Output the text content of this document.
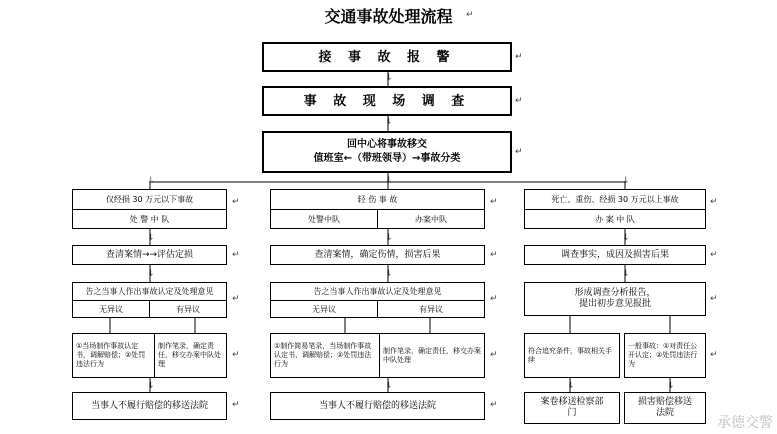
交通事故处理流程
接 事 故 报 警
事 故 现 场 调 查
回中心将事故移交
值班室←（带班领导）→事故分类
仅经损 30 万元以下事故
处 警 中 队
查清案情→→评估定损
告之当事人作出事故认定及处理意见
无异议	有异议
①当场制作事故认定书，调解赔偿；②处罚违法行为
制作笔录，确定责任，移交办案中队处理
当事人不履行赔偿的移送法院
轻 伤 事 故
处警中队	办案中队
查清案情，确定伤情，损害后果
告之当事人作出事故认定及处理意见
无异议	有异议
①制作简易笔录，当场制作事故认定书，调解赔偿；②处罚违法行为
制作笔录，确定责任，移交办案中队处理
当事人不履行赔偿的移送法院
死亡、重伤、经损 30 万元以上事故
办 案 中 队
调查事实，成因及损害后果
形成调查分析报告，
提出初步意见报批
符合追究条件，事故相关手续
一般事故：①对责任公开认定；②处罚违法行为
案卷移送检察部门
损害赔偿移送法院
↓
↓
↓	↓	↓
↓	↓	↓
↓	↓	↓
↓	↓	↓	↓
↵
↵
↵
↵
↵	↵	↵
↵	↵	↵
↵	↵	↵
↵	↵	↵
↵	↵
承德交警
